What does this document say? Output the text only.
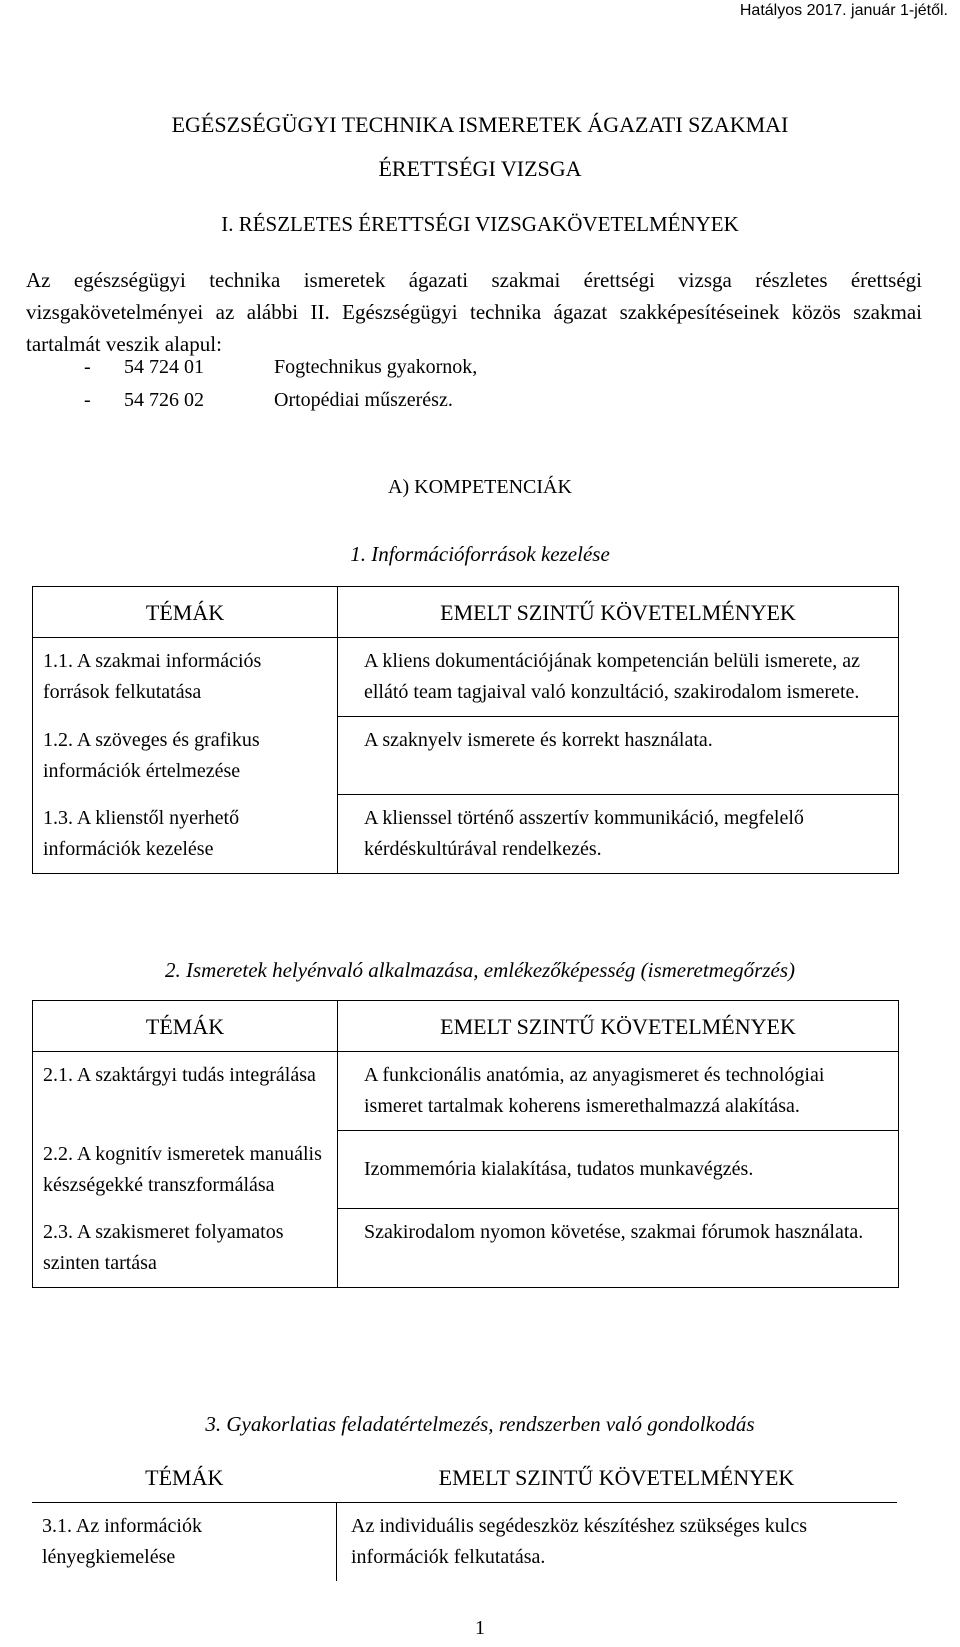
Hatályos 2017. január 1-jétől.
EGÉSZSÉGÜGYI TECHNIKA ISMERETEK ÁGAZATI SZAKMAI
ÉRETTSÉGI VIZSGA
I. RÉSZLETES ÉRETTSÉGI VIZSGAKÖVETELMÉNYEK

Az egészségügyi technika ismeretek ágazati szakmai érettségi vizsga részletes érettségi vizsgakövetelményei az alábbi II. Egészségügyi technika ágazat szakképesítéseinek közös szakmai tartalmát veszik alapul:

-	54 724 01	Fogtechnikus gyakornok,
-	54 726 02	Ortopédiai műszerész.
A) KOMPETENCIÁK
1. Információforrások kezelése
TÉMÁK	EMELT SZINTŰ KÖVETELMÉNYEK

1.1. A szakmai információs források felkutatása	A kliens dokumentációjának kompetencián belüli ismerete, az ellátó team tagjaival való konzultáció, szakirodalom ismerete.

1.2. A szöveges és grafikus információk értelmezése	A szaknyelv ismerete és korrekt használata.

1.3. A klienstől nyerhető információk kezelése	A klienssel történő asszertív kommunikáció, megfelelő kérdéskultúrával rendelkezés.
2. Ismeretek helyénvaló alkalmazása, emlékezőképesség (ismeretmegőrzés)
TÉMÁK	EMELT SZINTŰ KÖVETELMÉNYEK

2.1. A szaktárgyi tudás integrálása	A funkcionális anatómia, az anyagismeret és technológiai ismeret tartalmak koherens ismerethalmazzá alakítása.

2.2. A kognitív ismeretek manuális készségekké transzformálása	Izommemória kialakítása, tudatos munkavégzés.

2.3. A szakismeret folyamatos szinten tartása	Szakirodalom nyomon követése, szakmai fórumok használata.
3. Gyakorlatias feladatértelmezés, rendszerben való gondolkodás
TÉMÁK	EMELT SZINTŰ KÖVETELMÉNYEK

3.1. Az információk lényegkiemelése	Az individuális segédeszköz készítéshez szükséges kulcs információk felkutatása.
1
